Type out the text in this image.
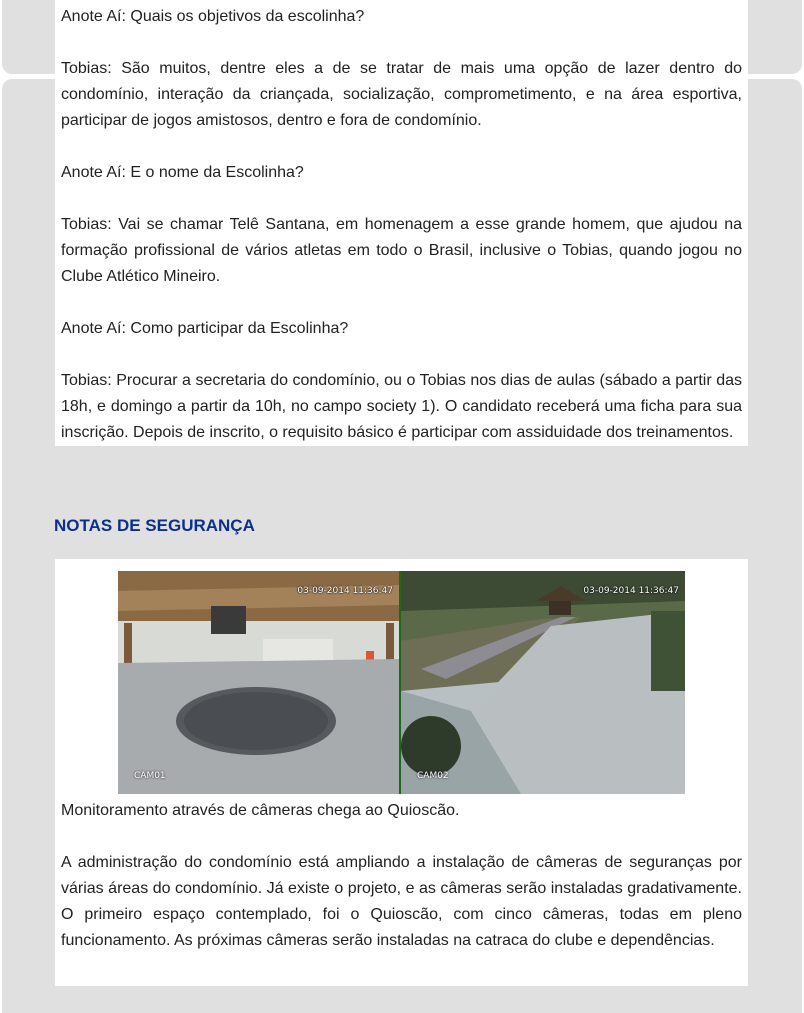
Anote Aí: Quais os objetivos da escolinha?

Tobias: São muitos, dentre eles a de se tratar de mais uma opção de lazer dentro do condomínio, interação da criançada, socialização, comprometimento, e na área esportiva, participar de jogos amistosos, dentro e fora de condomínio.

Anote Aí: E o nome da Escolinha?

Tobias: Vai se chamar Telê Santana, em homenagem a esse grande homem, que ajudou na formação profissional de vários atletas em todo o Brasil, inclusive o Tobias, quando jogou no Clube Atlético Mineiro.

Anote Aí: Como participar da Escolinha?

Tobias: Procurar a secretaria do condomínio, ou o Tobias nos dias de aulas (sábado a partir das 18h, e domingo a partir da 10h, no campo society 1). O candidato receberá uma ficha para sua inscrição. Depois de inscrito, o requisito básico é participar com assiduidade dos treinamentos.

NOTAS DE SEGURANÇA
03-09-2014 11:36:47
CAM01
03-09-2014 11:36:47
CAM02

Monitoramento através de câmeras chega ao Quioscão.

A administração do condomínio está ampliando a instalação de câmeras de seguranças por várias áreas do condomínio. Já existe o projeto, e as câmeras serão instaladas gradativamente. O primeiro espaço contemplado, foi o Quioscão, com cinco câmeras, todas em pleno funcionamento. As próximas câmeras serão instaladas na catraca do clube e dependências.
